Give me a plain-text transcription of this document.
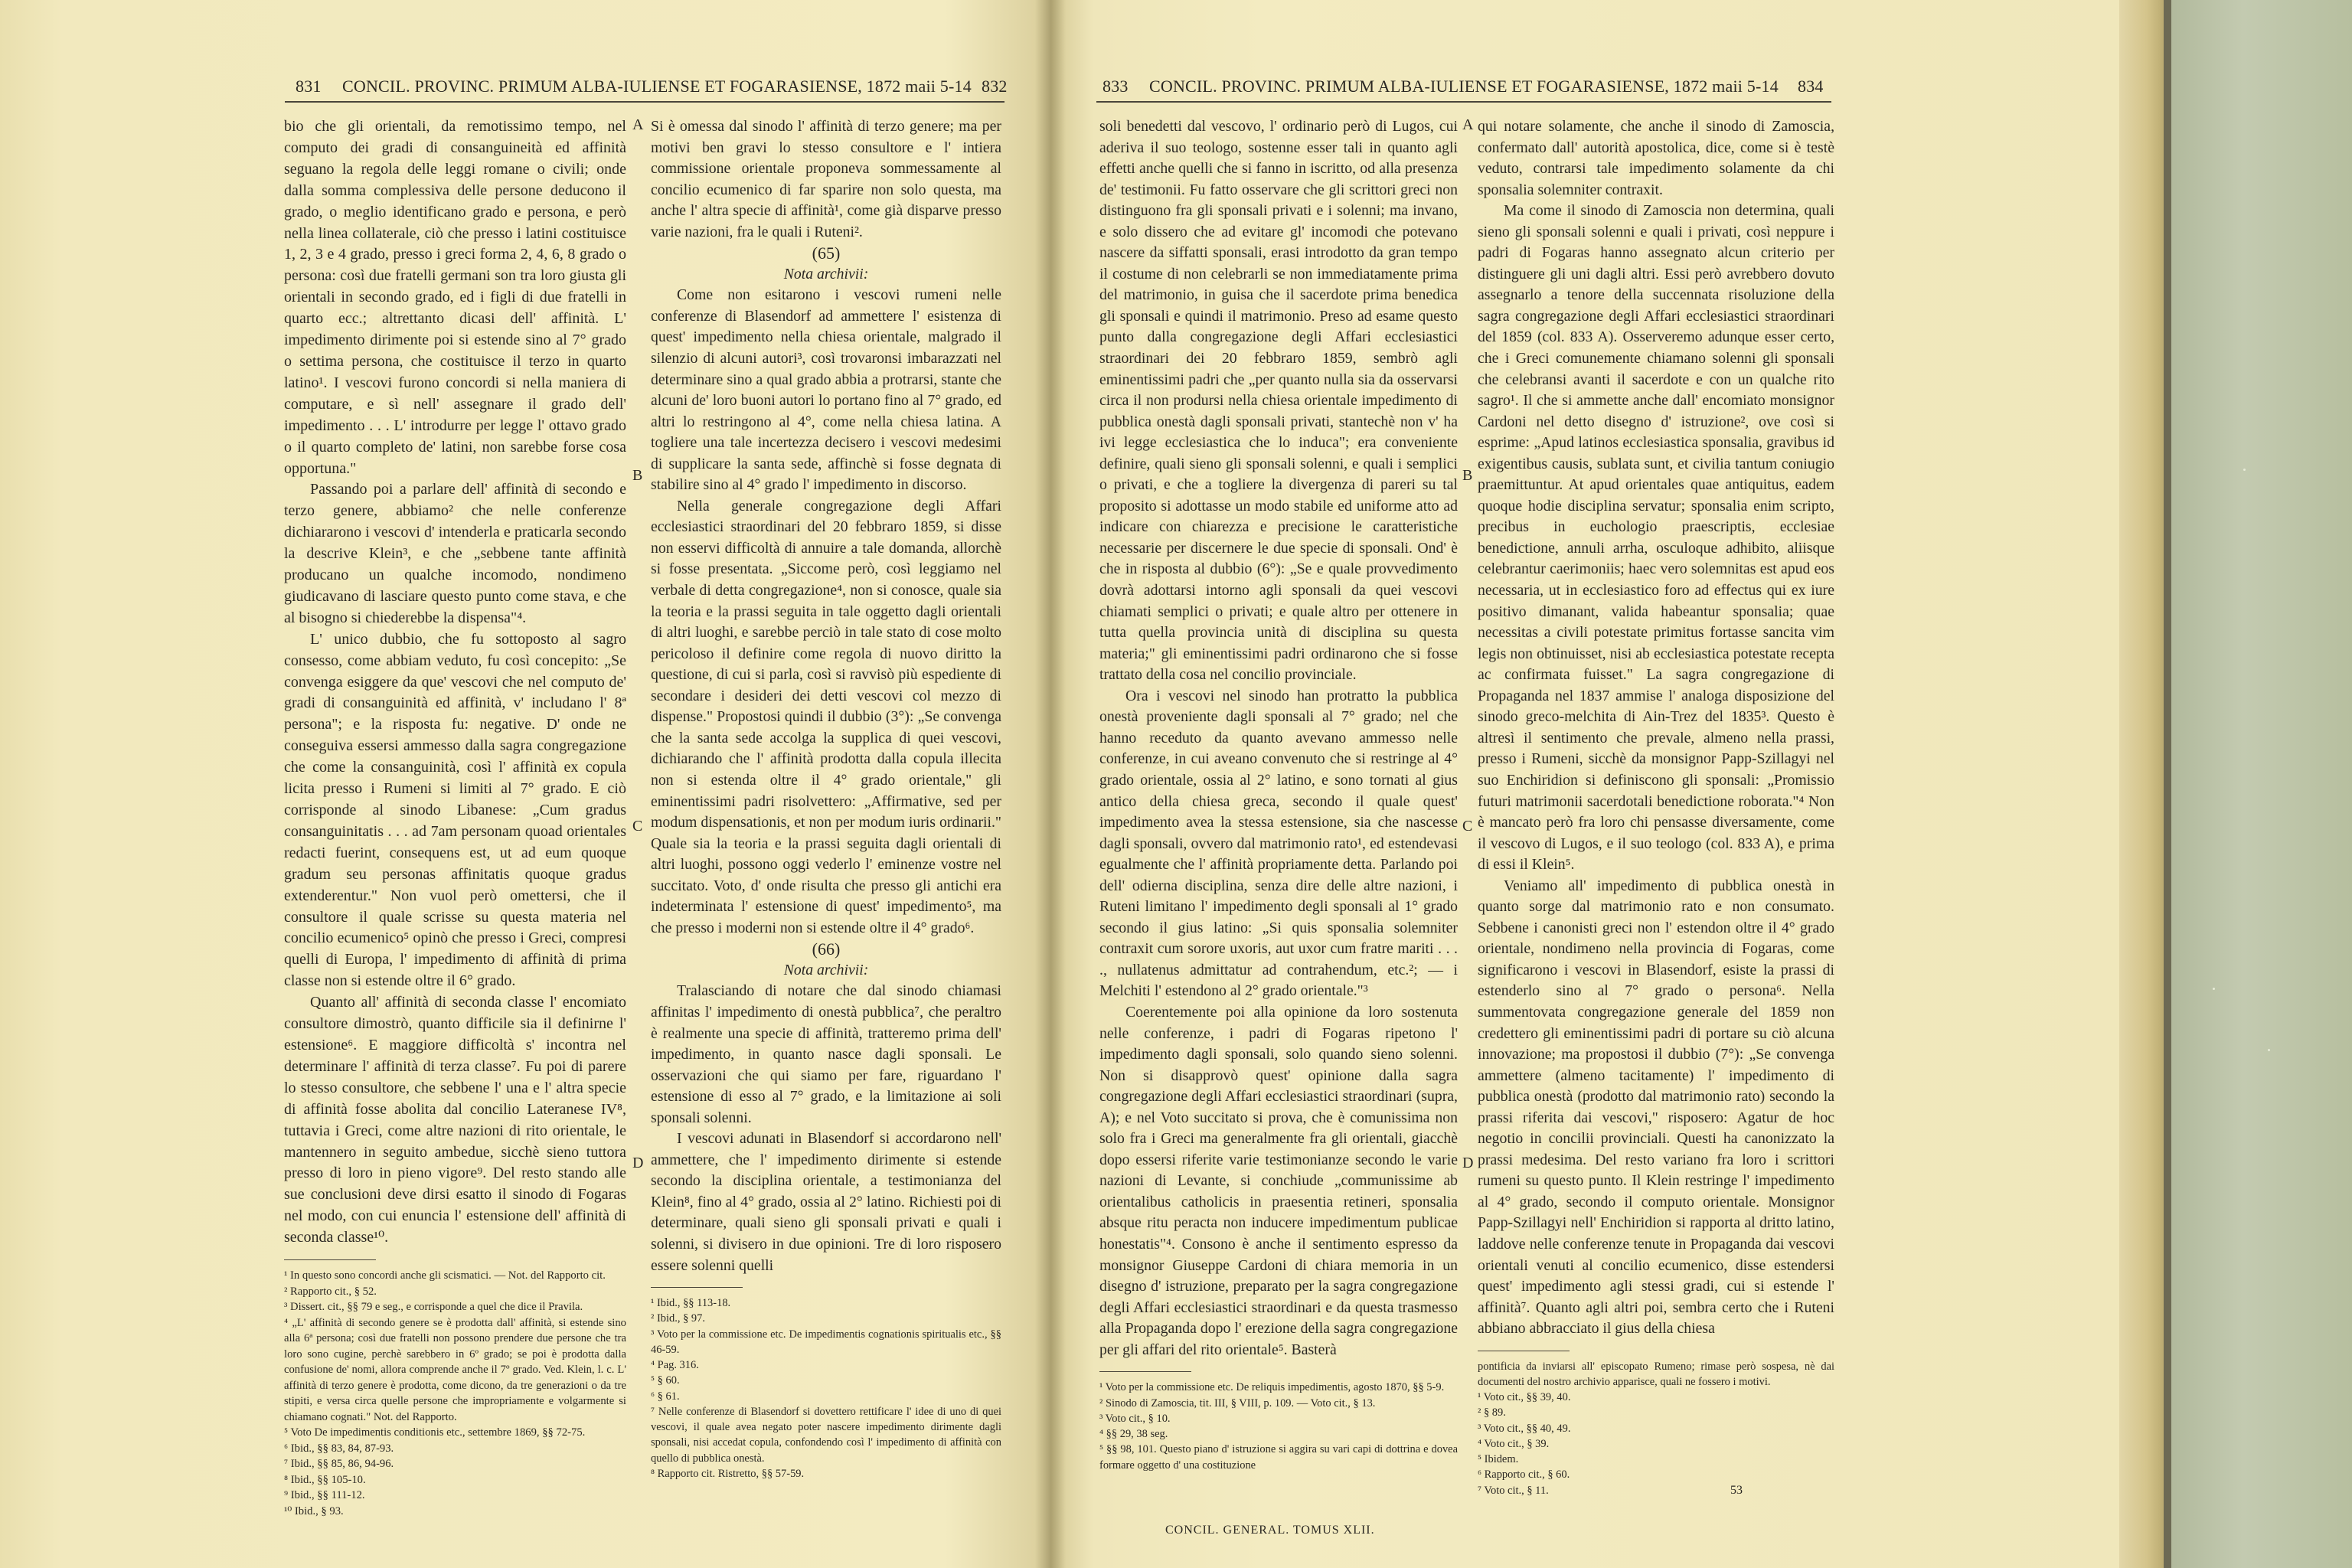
831 CONCIL. PROVINC. PRIMUM ALBA-IULIENSE ET FOGARASIENSE, 1872 maii 5-14 832

bio che gli orientali, da remotissimo tempo, nel computo dei gradi di consanguineità ed affinità seguano la regola delle leggi romane o civili; onde dalla somma complessiva delle persone deducono il grado, o meglio identificano grado e persona, e però nella linea collaterale, ciò che presso i latini costituisce 1, 2, 3 e 4 grado, presso i greci forma 2, 4, 6, 8 grado o persona: così due fratelli germani son tra loro giusta gli orientali in secondo grado, ed i figli di due fratelli in quarto ecc.; altrettanto dicasi dell' affinità. L' impedimento dirimente poi si estende sino al 7° grado o settima persona, che costituisce il terzo in quarto latino¹. I vescovi furono concordi si nella maniera di computare, e sì nell' assegnare il grado dell' impedimento . . . L' introdurre per legge l' ottavo grado o il quarto completo de' latini, non sarebbe forse cosa opportuna."

Passando poi a parlare dell' affinità di secondo e terzo genere, abbiamo² che nelle conferenze dichiararono i vescovi d' intenderla e praticarla secondo la descrive Klein³, e che „sebbene tante affinità producano un qualche incomodo, nondimeno giudicavano di lasciare questo punto come stava, e che al bisogno si chiederebbe la dispensa"⁴.

L' unico dubbio, che fu sottoposto al sagro consesso, come abbiam veduto, fu così concepito: „Se convenga esiggere da que' vescovi che nel computo de' gradi di consanguinità ed affinità, v' includano l' 8ª persona"; e la risposta fu: negative. D' onde ne conseguiva essersi ammesso dalla sagra congregazione che come la consanguinità, così l' affinità ex copula licita presso i Rumeni si limiti al 7° grado. E ciò corrisponde al sinodo Libanese: „Cum gradus consanguinitatis . . . ad 7am personam quoad orientales redacti fuerint, consequens est, ut ad eum quoque gradum seu personas affinitatis quoque gradus extenderentur." Non vuol però omettersi, che il consultore il quale scrisse su questa materia nel concilio ecumenico⁵ opinò che presso i Greci, compresi quelli di Europa, l' impedimento di affinità di prima classe non si estende oltre il 6° grado.

Quanto all' affinità di seconda classe l' encomiato consultore dimostrò, quanto difficile sia il definirne l' estensione⁶. E maggiore difficoltà s' incontra nel determinare l' affinità di terza classe⁷. Fu poi di parere lo stesso consultore, che sebbene l' una e l' altra specie di affinità fosse abolita dal concilio Lateranese IV⁸, tuttavia i Greci, come altre nazioni di rito orientale, le mantennero in seguito ambedue, sicchè sieno tuttora presso di loro in pieno vigore⁹. Del resto stando alle sue conclusioni deve dirsi esatto il sinodo di Fogaras nel modo, con cui enuncia l' estensione dell' affinità di seconda classe¹⁰.

¹ In questo sono concordi anche gli scismatici. — Not. del Rapporto cit.

² Rapporto cit., § 52.

³ Dissert. cit., §§ 79 e seg., e corrisponde a quel che dice il Pravila.

⁴ „L' affinità di secondo genere se è prodotta dall' affinità, si estende sino alla 6ª persona; così due fratelli non possono prendere due persone che tra loro sono cugine, perchè sarebbero in 6º grado; se poi è prodotta dalla confusione de' nomi, allora comprende anche il 7º grado. Ved. Klein, l. c. L' affinità di terzo genere è prodotta, come dicono, da tre generazioni o da tre stipiti, e versa circa quelle persone che impropriamente e volgarmente si chiamano cognati." Not. del Rapporto.

⁵ Voto De impedimentis conditionis etc., settembre 1869, §§ 72-75.

⁶ Ibid., §§ 83, 84, 87-93.

⁷ Ibid., §§ 85, 86, 94-96.

⁸ Ibid., §§ 105-10.

⁹ Ibid., §§ 111-12.

¹⁰ Ibid., § 93.

A
B
C
D

Si è omessa dal sinodo l' affinità di terzo genere; ma per motivi ben gravi lo stesso consultore e l' intiera commissione orientale proponeva sommessamente al concilio ecumenico di far sparire non solo questa, ma anche l' altra specie di affinità¹, come già disparve presso varie nazioni, fra le quali i Ruteni².

(65)

Nota archivii:

Come non esitarono i vescovi rumeni nelle conferenze di Blasendorf ad ammettere l' esistenza di quest' impedimento nella chiesa orientale, malgrado il silenzio di alcuni autori³, così trovaronsi imbarazzati nel determinare sino a qual grado abbia a protrarsi, stante che alcuni de' loro buoni autori lo portano fino al 7° grado, ed altri lo restringono al 4°, come nella chiesa latina. A togliere una tale incertezza decisero i vescovi medesimi di supplicare la santa sede, affinchè si fosse degnata di stabilire sino al 4° grado l' impedimento in discorso.

Nella generale congregazione degli Affari ecclesiastici straordinari del 20 febbraro 1859, si disse non esservi difficoltà di annuire a tale domanda, allorchè si fosse presentata. „Siccome però, così leggiamo nel verbale di detta congregazione⁴, non si conosce, quale sia la teoria e la prassi seguita in tale oggetto dagli orientali di altri luoghi, e sarebbe perciò in tale stato di cose molto pericoloso il definire come regola di nuovo diritto la questione, di cui si parla, così si ravvisò più espediente di secondare i desideri dei detti vescovi col mezzo di dispense." Propostosi quindi il dubbio (3°): „Se convenga che la santa sede accolga la supplica di quei vescovi, dichiarando che l' affinità prodotta dalla copula illecita non si estenda oltre il 4° grado orientale," gli eminentissimi padri risolvettero: „Affirmative, sed per modum dispensationis, et non per modum iuris ordinarii." Quale sia la teoria e la prassi seguita dagli orientali di altri luoghi, possono oggi vederlo l' eminenze vostre nel succitato. Voto, d' onde risulta che presso gli antichi era indeterminata l' estensione di quest' impedimento⁵, ma che presso i moderni non si estende oltre il 4° grado⁶.

(66)

Nota archivii:

Tralasciando di notare che dal sinodo chiamasi affinitas l' impedimento di onestà pubblica⁷, che peraltro è realmente una specie di affinità, tratteremo prima dell' impedimento, in quanto nasce dagli sponsali. Le osservazioni che qui siamo per fare, riguardano l' estensione di esso al 7° grado, e la limitazione ai soli sponsali solenni.

I vescovi adunati in Blasendorf si accordarono nell' ammettere, che l' impedimento dirimente si estende secondo la disciplina orientale, a testimonianza del Klein⁸, fino al 4° grado, ossia al 2° latino. Richiesti poi di determinare, quali sieno gli sponsali privati e quali i solenni, si divisero in due opinioni. Tre di loro risposero essere solenni quelli

¹ Ibid., §§ 113-18.

² Ibid., § 97.

³ Voto per la commissione etc. De impedimentis cognationis spiritualis etc., §§ 46-59.

⁴ Pag. 316.

⁵ § 60.

⁶ § 61.

⁷ Nelle conferenze di Blasendorf si dovettero rettificare l' idee di uno di quei vescovi, il quale avea negato poter nascere impedimento dirimente dagli sponsali, nisi accedat copula, confondendo così l' impedimento di affinità con quello di pubblica onestà.

⁸ Rapporto cit. Ristretto, §§ 57-59.

833 CONCIL. PROVINC. PRIMUM ALBA-IULIENSE ET FOGARASIENSE, 1872 maii 5-14 834

soli benedetti dal vescovo, l' ordinario però di Lugos, cui aderiva il suo teologo, sostenne esser tali in quanto agli effetti anche quelli che si fanno in iscritto, od alla presenza de' testimonii. Fu fatto osservare che gli scrittori greci non distinguono fra gli sponsali privati e i solenni; ma invano, e solo dissero che ad evitare gl' incomodi che potevano nascere da siffatti sponsali, erasi introdotto da gran tempo il costume di non celebrarli se non immediatamente prima del matrimonio, in guisa che il sacerdote prima benedica gli sponsali e quindi il matrimonio. Preso ad esame questo punto dalla congregazione degli Affari ecclesiastici straordinari dei 20 febbraro 1859, sembrò agli eminentissimi padri che „per quanto nulla sia da osservarsi circa il non prodursi nella chiesa orientale impedimento di pubblica onestà dagli sponsali privati, stantechè non v' ha ivi legge ecclesiastica che lo induca"; era conveniente definire, quali sieno gli sponsali solenni, e quali i semplici o privati, e che a togliere la divergenza di pareri su tal proposito si adottasse un modo stabile ed uniforme atto ad indicare con chiarezza e precisione le caratteristiche necessarie per discernere le due specie di sponsali. Ond' è che in risposta al dubbio (6°): „Se e quale provvedimento dovrà adottarsi intorno agli sponsali da quei vescovi chiamati semplici o privati; e quale altro per ottenere in tutta quella provincia unità di disciplina su questa materia;" gli eminentissimi padri ordinarono che si fosse trattato della cosa nel concilio provinciale.

Ora i vescovi nel sinodo han protratto la pubblica onestà proveniente dagli sponsali al 7° grado; nel che hanno receduto da quanto avevano ammesso nelle conferenze, in cui aveano convenuto che si restringe al 4° grado orientale, ossia al 2° latino, e sono tornati al gius antico della chiesa greca, secondo il quale quest' impedimento avea la stessa estensione, sia che nascesse dagli sponsali, ovvero dal matrimonio rato¹, ed estendevasi egualmente che l' affinità propriamente detta. Parlando poi dell' odierna disciplina, senza dire delle altre nazioni, i Ruteni limitano l' impedimento degli sponsali al 1° grado secondo il gius latino: „Si quis sponsalia solemniter contraxit cum sorore uxoris, aut uxor cum fratre mariti . . . ., nullatenus admittatur ad contrahendum, etc.²; — i Melchiti l' estendono al 2° grado orientale."³

Coerentemente poi alla opinione da loro sostenuta nelle conferenze, i padri di Fogaras ripetono l' impedimento dagli sponsali, solo quando sieno solenni. Non si disapprovò quest' opinione dalla sagra congregazione degli Affari ecclesiastici straordinari (supra, A); e nel Voto succitato si prova, che è comunissima non solo fra i Greci ma generalmente fra gli orientali, giacchè dopo essersi riferite varie testimonianze secondo le varie nazioni di Levante, si conchiude „communissime ab orientalibus catholicis in praesentia retineri, sponsalia absque ritu peracta non inducere impedimentum publicae honestatis"⁴. Consono è anche il sentimento espresso da monsignor Giuseppe Cardoni di chiara memoria in un disegno d' istruzione, preparato per la sagra congregazione degli Affari ecclesiastici straordinari e da questa trasmesso alla Propaganda dopo l' erezione della sagra congregazione per gli affari del rito orientale⁵. Basterà

¹ Voto per la commissione etc. De reliquis impedimentis, agosto 1870, §§ 5-9.

² Sinodo di Zamoscia, tit. III, § VIII, p. 109. — Voto cit., § 13.

³ Voto cit., § 10.

⁴ §§ 29, 38 seg.

⁵ §§ 98, 101. Questo piano d' istruzione si aggira su vari capi di dottrina e dovea formare oggetto d' una costituzione

CONCIL. GENERAL. TOMUS XLII.
A
B
C
D

qui notare solamente, che anche il sinodo di Zamoscia, confermato dall' autorità apostolica, dice, come si è testè veduto, contrarsi tale impedimento solamente da chi sponsalia solemniter contraxit.

Ma come il sinodo di Zamoscia non determina, quali sieno gli sponsali solenni e quali i privati, così neppure i padri di Fogaras hanno assegnato alcun criterio per distinguere gli uni dagli altri. Essi però avrebbero dovuto assegnarlo a tenore della succennata risoluzione della sagra congregazione degli Affari ecclesiastici straordinari del 1859 (col. 833 A). Osserveremo adunque esser certo, che i Greci comunemente chiamano solenni gli sponsali che celebransi avanti il sacerdote e con un qualche rito sagro¹. Il che si ammette anche dall' encomiato monsignor Cardoni nel detto disegno d' istruzione², ove così si esprime: „Apud latinos ecclesiastica sponsalia, gravibus id exigentibus causis, sublata sunt, et civilia tantum coniugio praemittuntur. At apud orientales quae antiquitus, eadem quoque hodie disciplina servatur; sponsalia enim scripto, precibus in euchologio praescriptis, ecclesiae benedictione, annuli arrha, osculoque adhibito, aliisque celebrantur caerimoniis; haec vero solemnitas est apud eos necessaria, ut in ecclesiastico foro ad effectus qui ex iure positivo dimanant, valida habeantur sponsalia; quae necessitas a civili potestate primitus fortasse sancita vim legis non obtinuisset, nisi ab ecclesiastica potestate recepta ac confirmata fuisset." La sagra congregazione di Propaganda nel 1837 ammise l' analoga disposizione del sinodo greco-melchita di Ain-Trez del 1835³. Questo è altresì il sentimento che prevale, almeno nella prassi, presso i Rumeni, sicchè da monsignor Papp-Szillagyi nel suo Enchiridion si definiscono gli sponsali: „Promissio futuri matrimonii sacerdotali benedictione roborata."⁴ Non è mancato però fra loro chi pensasse diversamente, come il vescovo di Lugos, e il suo teologo (col. 833 A), e prima di essi il Klein⁵.

Veniamo all' impedimento di pubblica onestà in quanto sorge dal matrimonio rato e non consumato. Sebbene i canonisti greci non l' estendon oltre il 4° grado orientale, nondimeno nella provincia di Fogaras, come significarono i vescovi in Blasendorf, esiste la prassi di estenderlo sino al 7° grado o persona⁶. Nella summentovata congregazione generale del 1859 non credettero gli eminentissimi padri di portare su ciò alcuna innovazione; ma propostosi il dubbio (7°): „Se convenga ammettere (almeno tacitamente) l' impedimento di pubblica onestà (prodotto dal matrimonio rato) secondo la prassi riferita dai vescovi," risposero: Agatur de hoc negotio in concilii provinciali. Questi ha canonizzato la prassi medesima. Del resto variano fra loro i scrittori rumeni su questo punto. Il Klein restringe l' impedimento al 4° grado, secondo il computo orientale. Monsignor Papp-Szillagyi nell' Enchiridion si rapporta al dritto latino, laddove nelle conferenze tenute in Propaganda dai vescovi orientali venuti al concilio ecumenico, disse estendersi quest' impedimento agli stessi gradi, cui si estende l' affinità⁷. Quanto agli altri poi, sembra certo che i Ruteni abbiano abbracciato il gius della chiesa

pontificia da inviarsi all' episcopato Rumeno; rimase però sospesa, nè dai documenti del nostro archivio apparisce, quali ne fossero i motivi.

¹ Voto cit., §§ 39, 40.

² § 89.

³ Voto cit., §§ 40, 49.

⁴ Voto cit., § 39.

⁵ Ibidem.

⁶ Rapporto cit., § 60.

⁷ Voto cit., § 11.	53
